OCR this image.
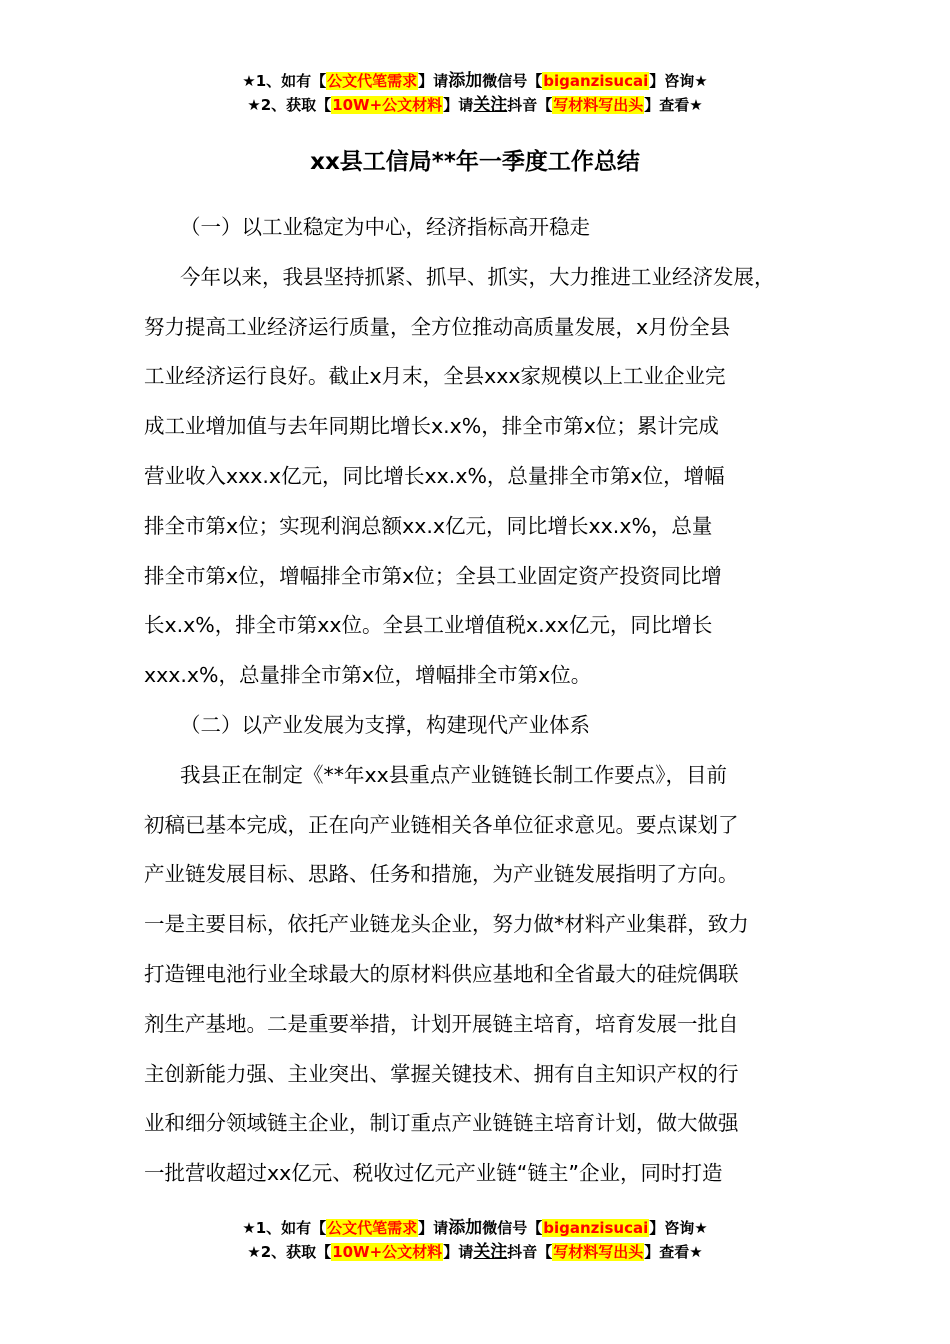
★1、如有【公文代笔需求】请添加微信号【biganzisucai】咨询★
★2、获取【10W+公文材料】请关注抖音【写材料写出头】查看★
xx县工信局**年一季度工作总结
（一）以工业稳定为中心，经济指标高开稳走
今年以来，我县坚持抓紧、抓早、抓实，大力推进工业经济发展，
努力提高工业经济运行质量，全方位推动高质量发展，x月份全县
工业经济运行良好。截止x月末，全县xxx家规模以上工业企业完
成工业增加值与去年同期比增长x.x%，排全市第x位；累计完成
营业收入xxx.x亿元，同比增长xx.x%，总量排全市第x位，增幅
排全市第x位；实现利润总额xx.x亿元，同比增长xx.x%，总量
排全市第x位，增幅排全市第x位；全县工业固定资产投资同比增
长x.x%，排全市第xx位。全县工业增值税x.xx亿元，同比增长
xxx.x%，总量排全市第x位，增幅排全市第x位。
（二）以产业发展为支撑，构建现代产业体系
我县正在制定《**年xx县重点产业链链长制工作要点》，目前
初稿已基本完成，正在向产业链相关各单位征求意见。要点谋划了
产业链发展目标、思路、任务和措施，为产业链发展指明了方向。
一是主要目标，依托产业链龙头企业，努力做*材料产业集群，致力
打造锂电池行业全球最大的原材料供应基地和全省最大的硅烷偶联
剂生产基地。二是重要举措，计划开展链主培育，培育发展一批自
主创新能力强、主业突出、掌握关键技术、拥有自主知识产权的行
业和细分领域链主企业，制订重点产业链链主培育计划，做大做强
一批营收超过xx亿元、税收过亿元产业链“链主”企业，同时打造
★1、如有【公文代笔需求】请添加微信号【biganzisucai】咨询★
★2、获取【10W+公文材料】请关注抖音【写材料写出头】查看★
